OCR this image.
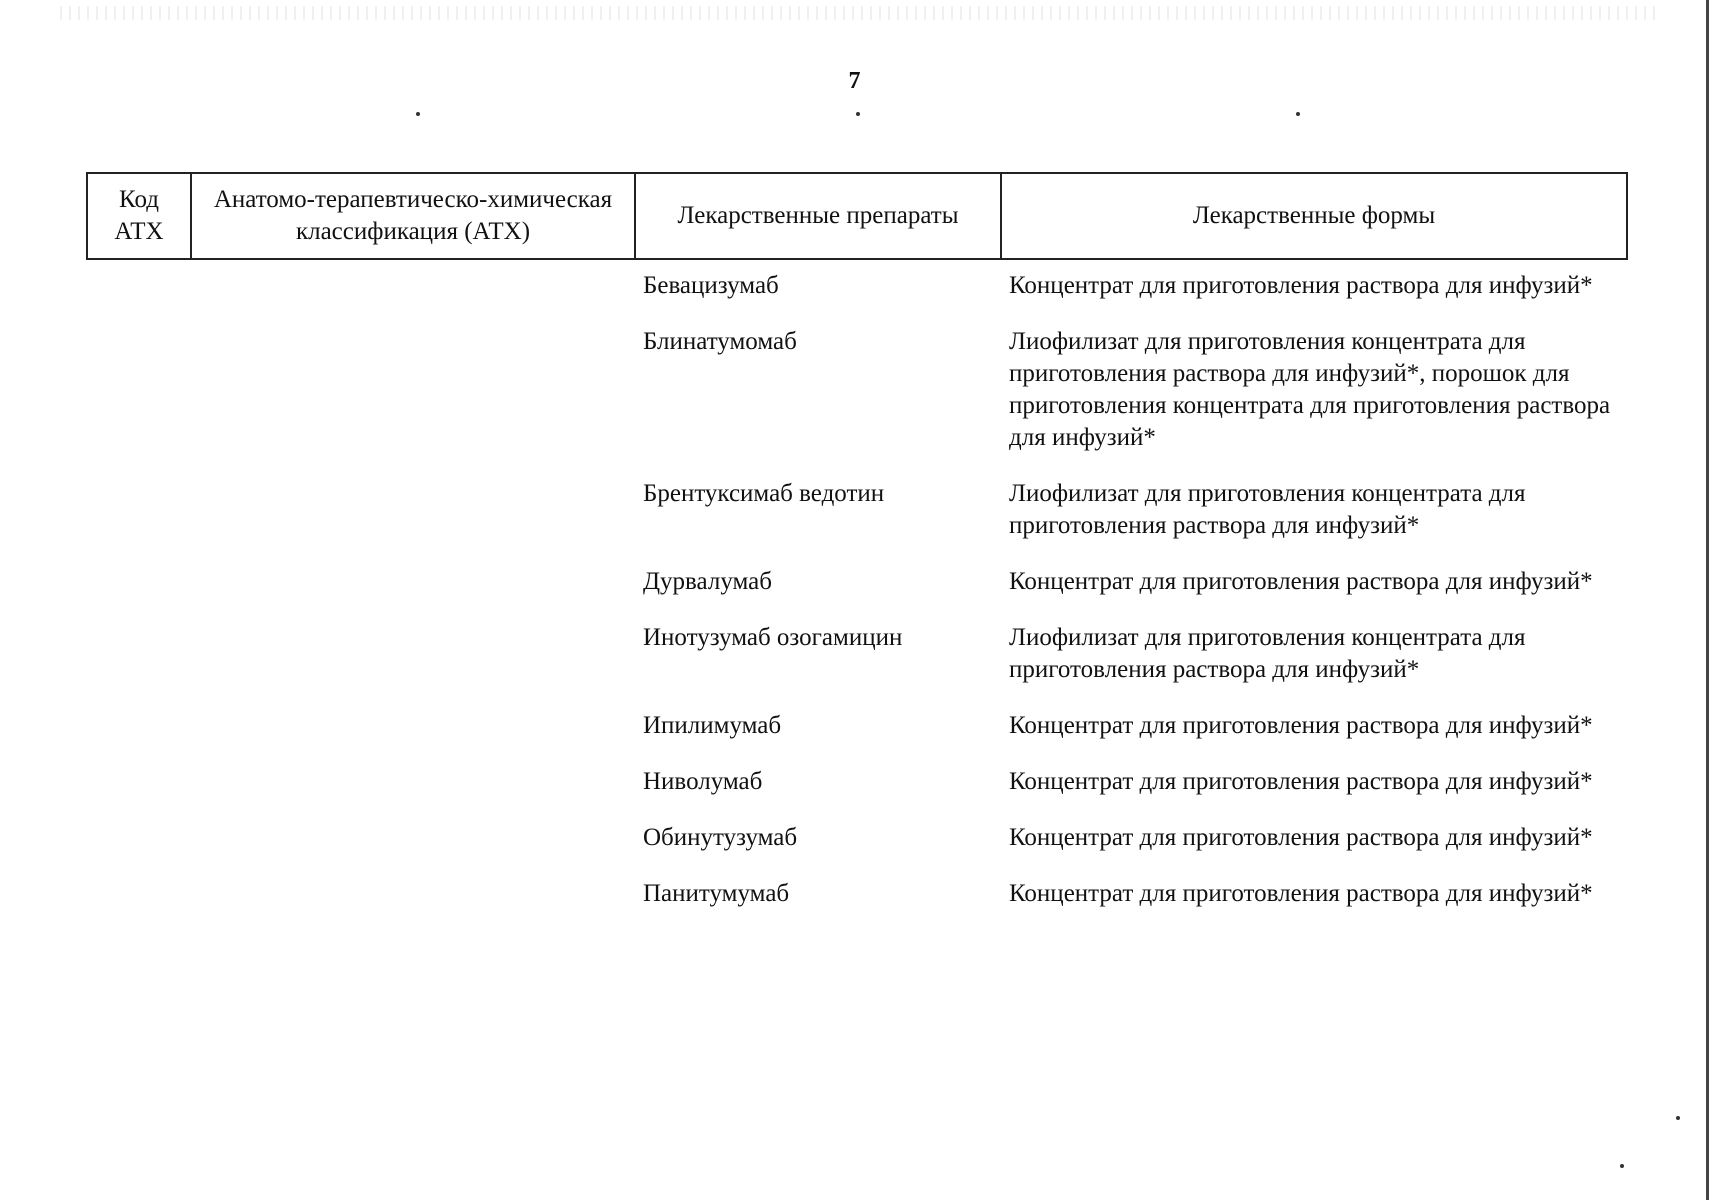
7
Код АТХ	Анатомо-терапевтическо-химическая классификация (АТХ)	Лекарственные препараты	Лекарственные формы
		Бевацизумаб	Концентрат для приготовления раствора для инфузий*
		Блинатумомаб	Лиофилизат для приготовления концентрата для приготовления раствора для инфузий*, порошок для приготовления концентрата для приготовления раствора для инфузий*
		Брентуксимаб ведотин	Лиофилизат для приготовления концентрата для приготовления раствора для инфузий*
		Дурвалумаб	Концентрат для приготовления раствора для инфузий*
		Инотузумаб озогамицин	Лиофилизат для приготовления концентрата для приготовления раствора для инфузий*
		Ипилимумаб	Концентрат для приготовления раствора для инфузий*
		Ниволумаб	Концентрат для приготовления раствора для инфузий*
		Обинутузумаб	Концентрат для приготовления раствора для инфузий*
		Панитумумаб	Концентрат для приготовления раствора для инфузий*
